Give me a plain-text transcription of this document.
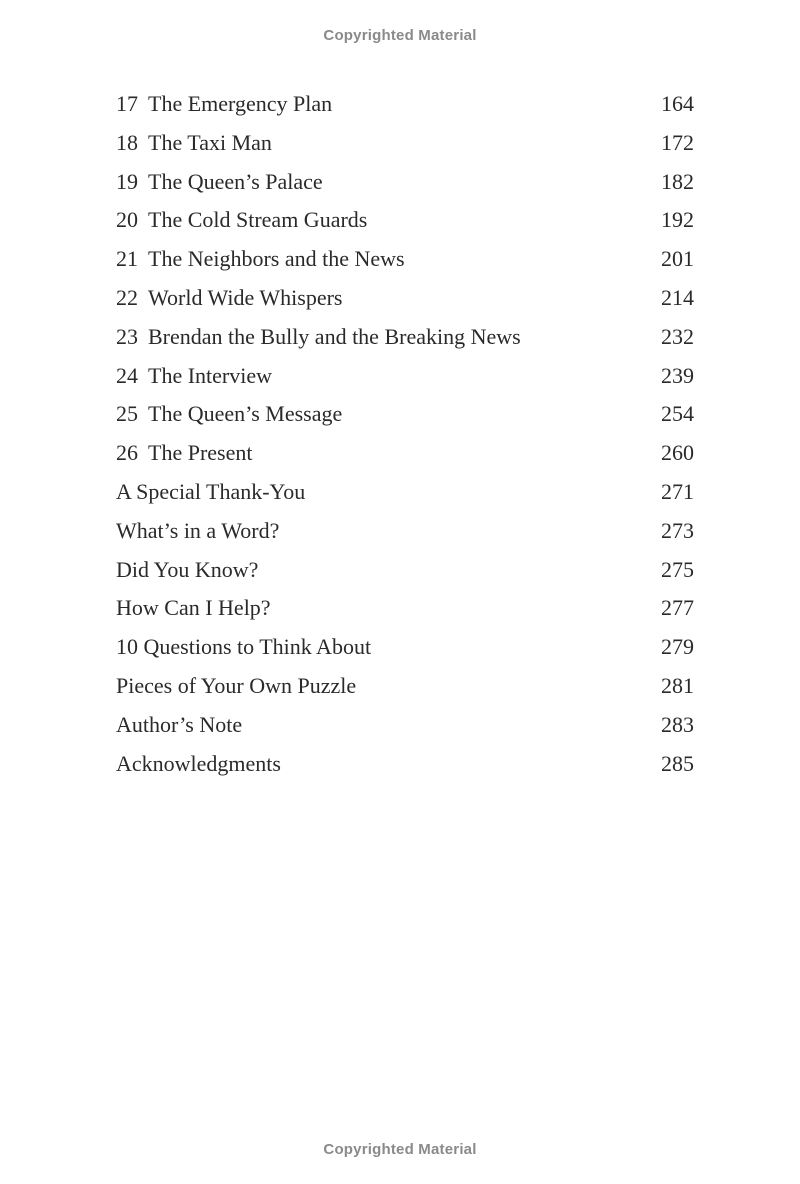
Copyrighted Material
17 The Emergency Plan	164
18 The Taxi Man	172
19 The Queen’s Palace	182
20 The Cold Stream Guards	192
21 The Neighbors and the News	201
22 World Wide Whispers	214
23 Brendan the Bully and the Breaking News	232
24 The Interview	239
25 The Queen’s Message	254
26 The Present	260
A Special Thank-You	271
What’s in a Word?	273
Did You Know?	275
How Can I Help?	277
10 Questions to Think About	279
Pieces of Your Own Puzzle	281
Author’s Note	283
Acknowledgments	285
Copyrighted Material
